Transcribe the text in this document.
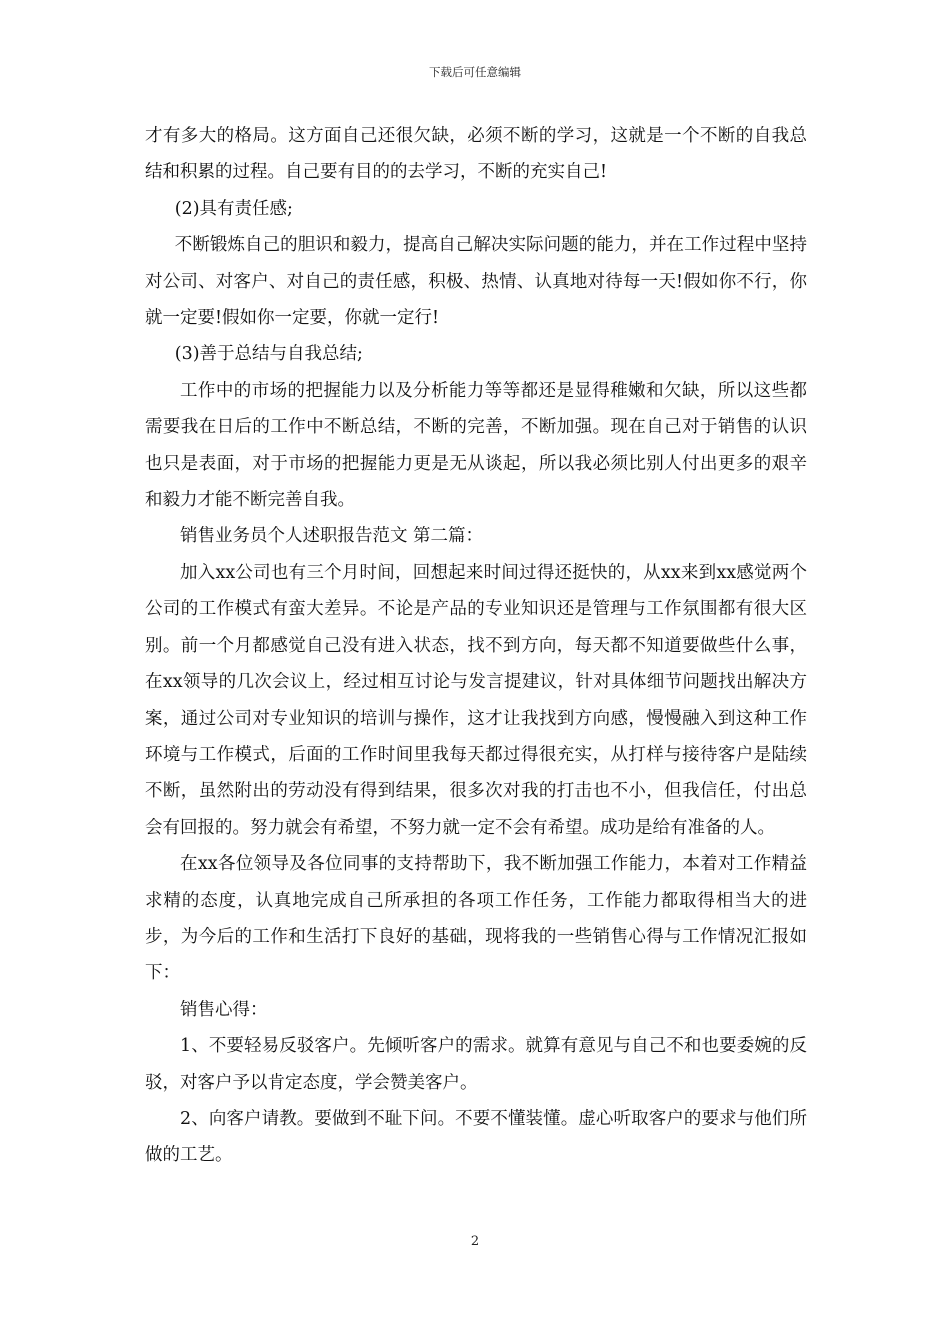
下载后可任意编辑

才有多大的格局。这方面自己还很欠缺，必须不断的学习，这就是一个不断的自我总结和积累的过程。自己要有目的的去学习，不断的充实自己!

(2)具有责任感;

不断锻炼自己的胆识和毅力，提高自己解决实际问题的能力，并在工作过程中坚持对公司、对客户、对自己的责任感，积极、热情、认真地对待每一天!假如你不行，你就一定要!假如你一定要，你就一定行!

(3)善于总结与自我总结;

工作中的市场的把握能力以及分析能力等等都还是显得稚嫩和欠缺，所以这些都需要我在日后的工作中不断总结，不断的完善，不断加强。现在自己对于销售的认识也只是表面，对于市场的把握能力更是无从谈起，所以我必须比别人付出更多的艰辛和毅力才能不断完善自我。

销售业务员个人述职报告范文 第二篇：

加入xx公司也有三个月时间，回想起来时间过得还挺快的，从xx来到xx感觉两个公司的工作模式有蛮大差异。不论是产品的专业知识还是管理与工作氛围都有很大区别。前一个月都感觉自己没有进入状态，找不到方向，每天都不知道要做些什么事，在xx领导的几次会议上，经过相互讨论与发言提建议，针对具体细节问题找出解决方案，通过公司对专业知识的培训与操作，这才让我找到方向感，慢慢融入到这种工作环境与工作模式，后面的工作时间里我每天都过得很充实，从打样与接待客户是陆续不断，虽然附出的劳动没有得到结果，很多次对我的打击也不小，但我信任，付出总会有回报的。努力就会有希望，不努力就一定不会有希望。成功是给有准备的人。

在xx各位领导及各位同事的支持帮助下，我不断加强工作能力，本着对工作精益求精的态度，认真地完成自己所承担的各项工作任务，工作能力都取得相当大的进步，为今后的工作和生活打下良好的基础，现将我的一些销售心得与工作情况汇报如下：

销售心得：

1、不要轻易反驳客户。先倾听客户的需求。就算有意见与自己不和也要委婉的反驳，对客户予以肯定态度，学会赞美客户。

2、向客户请教。要做到不耻下问。不要不懂装懂。虚心听取客户的要求与他们所做的工艺。

2
